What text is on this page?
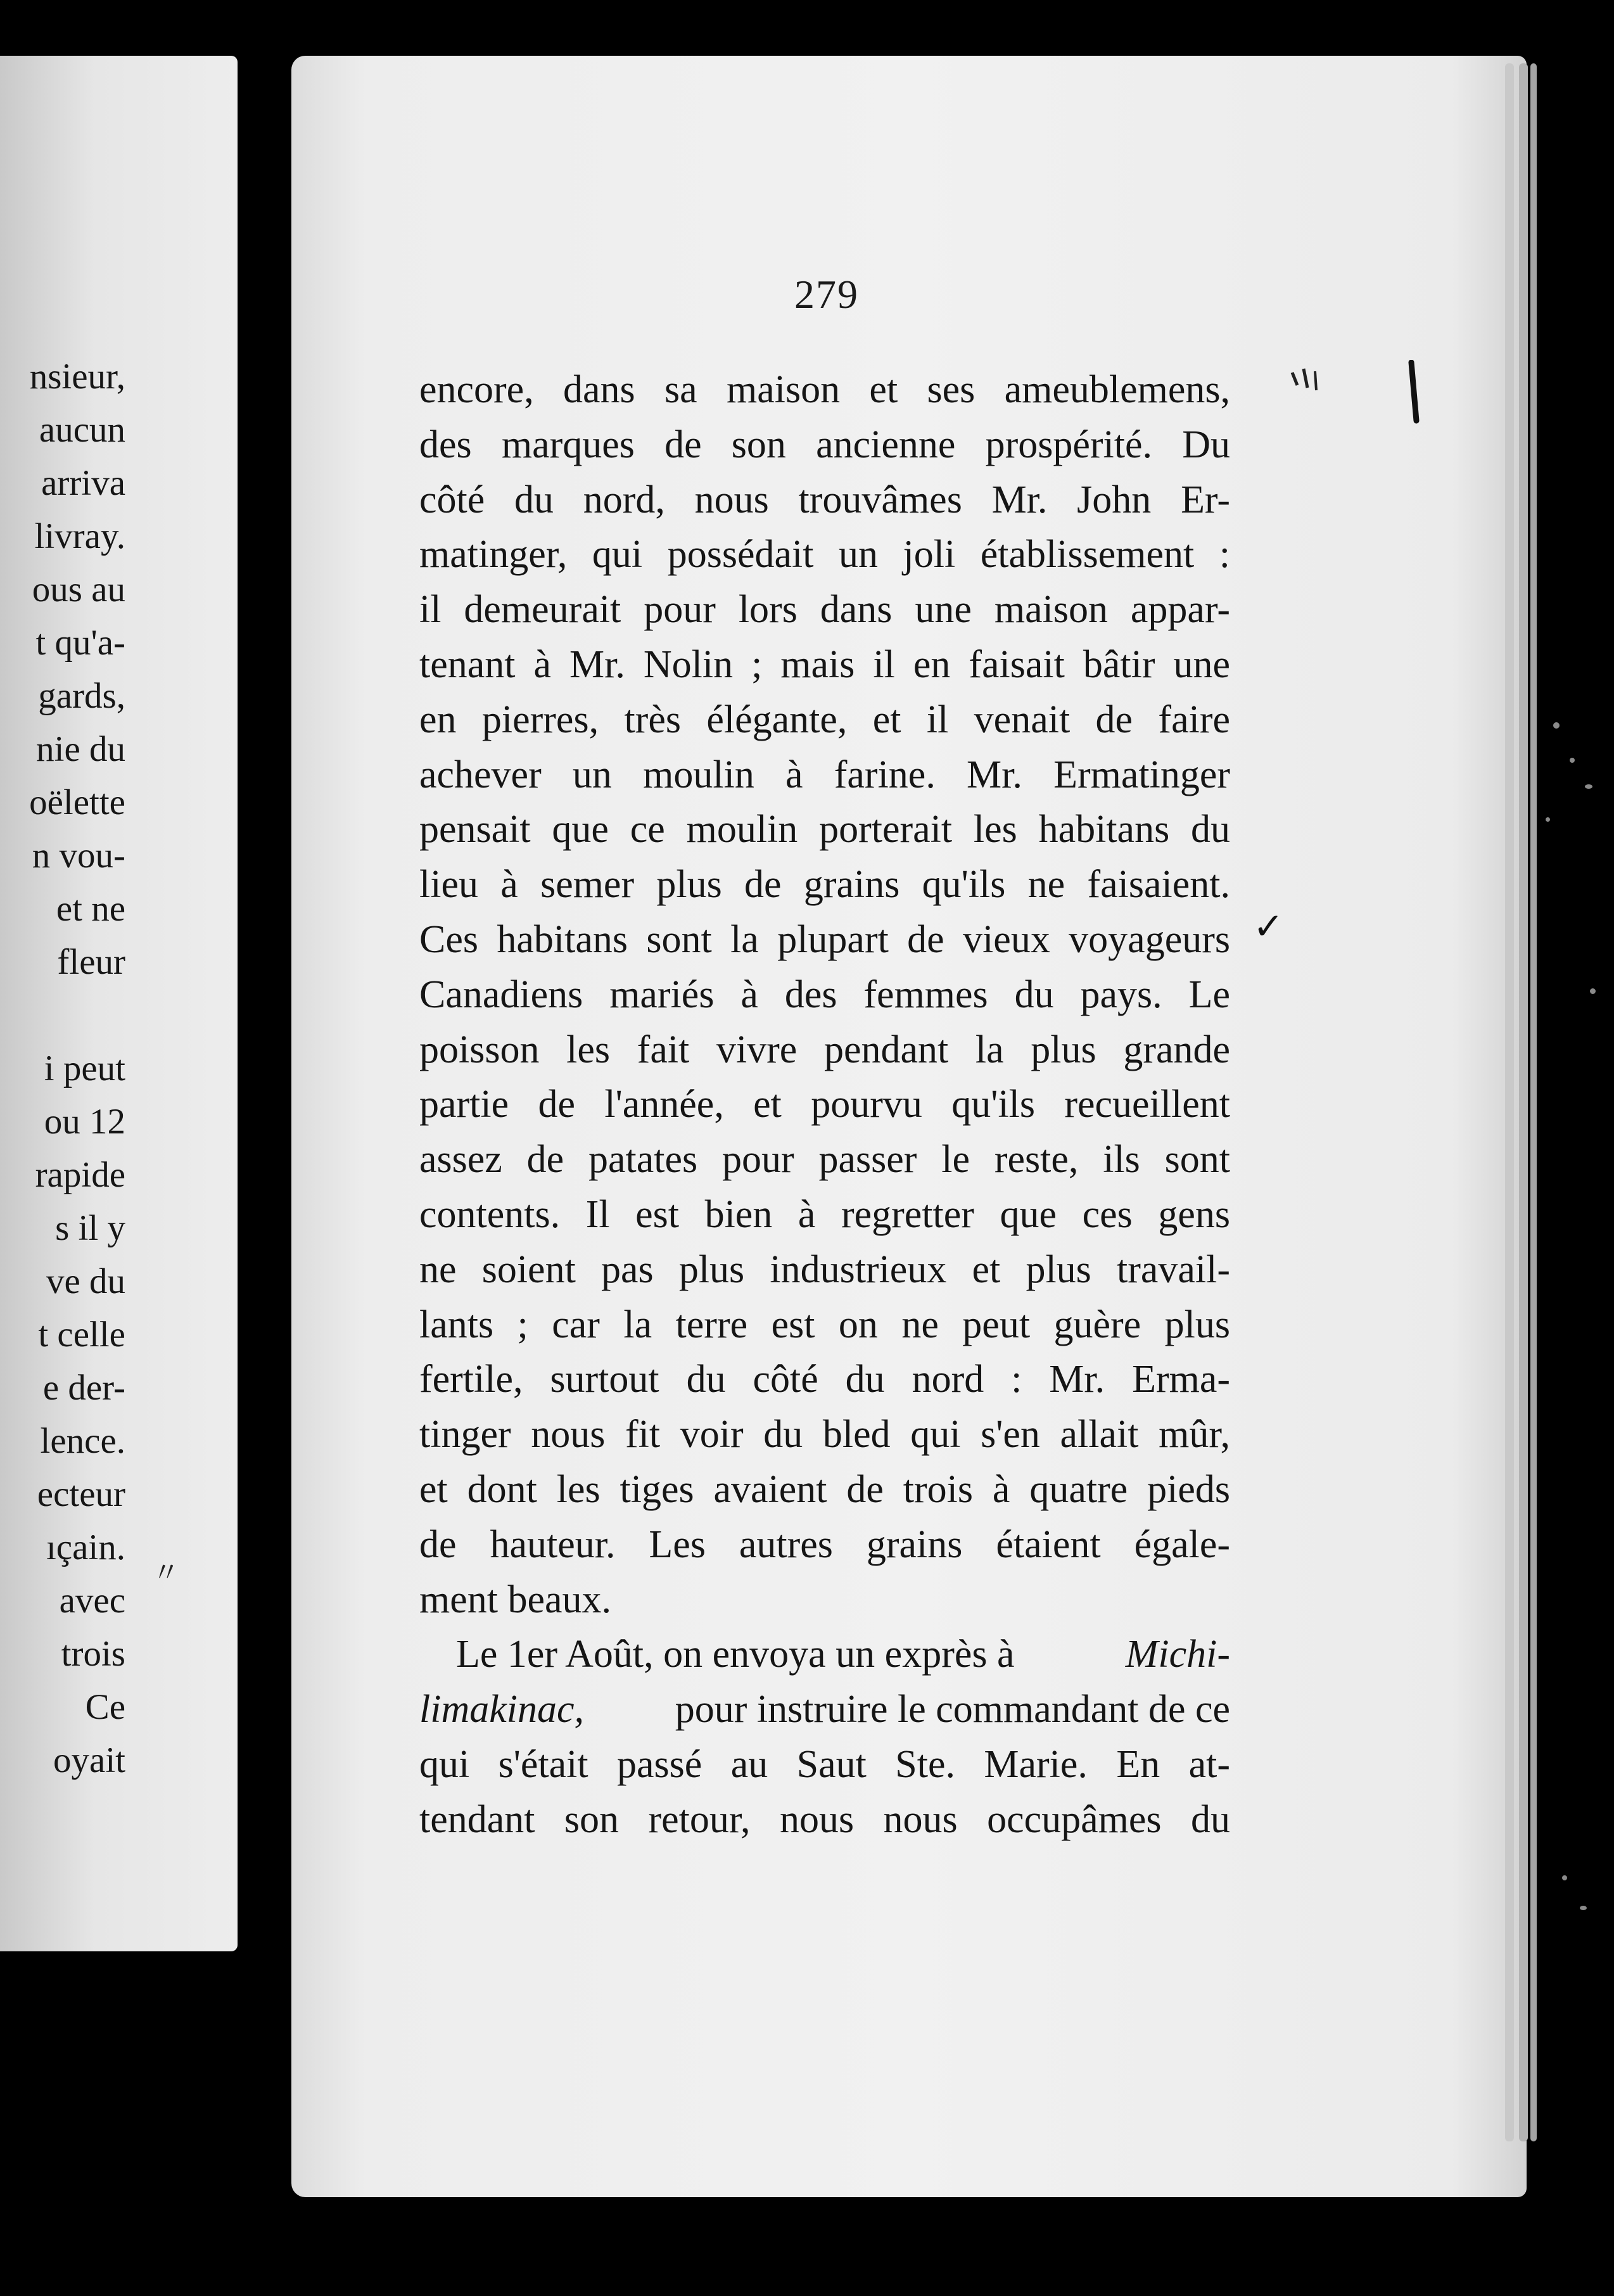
nsieur,
aucun
arriva
livray.
ous au
t qu'a-
gards,
nie du
oëlette
n vou-
et ne
fleur
i peut
ou 12
rapide
s il y
ve du
t celle
e der-
lence.
ecteur
ıçain.
avec
trois
Ce
oyait
〃
279
encore, dans sa maison et ses ameublemens,
des marques de son ancienne prospérité. Du
côté du nord, nous trouvâmes Mr. John Er-
matinger, qui possédait un joli établissement :
il demeurait pour lors dans une maison appar-
tenant à Mr. Nolin ; mais il en faisait bâtir une
en pierres, très élégante, et il venait de faire
achever un moulin à farine. Mr. Ermatinger
pensait que ce moulin porterait les habitans du
lieu à semer plus de grains qu'ils ne faisaient.
Ces habitans sont la plupart de vieux voyageurs
Canadiens mariés à des femmes du pays. Le
poisson les fait vivre pendant la plus grande
partie de l'année, et pourvu qu'ils recueillent
assez de patates pour passer le reste, ils sont
contents. Il est bien à regretter que ces gens
ne soient pas plus industrieux et plus travail-
lants ; car la terre est on ne peut guère plus
fertile, surtout du côté du nord : Mr. Erma-
tinger nous fit voir du bled qui s'en allait mûr,
et dont les tiges avaient de trois à quatre pieds
de hauteur. Les autres grains étaient égale-
ment beaux.
Le 1er Août, on envoya un exprès à	Michi-
limakinac, pour instruire le commandant de ce
qui s'était passé au Saut Ste. Marie. En at-
tendant son retour, nous nous occupâmes du
✓
